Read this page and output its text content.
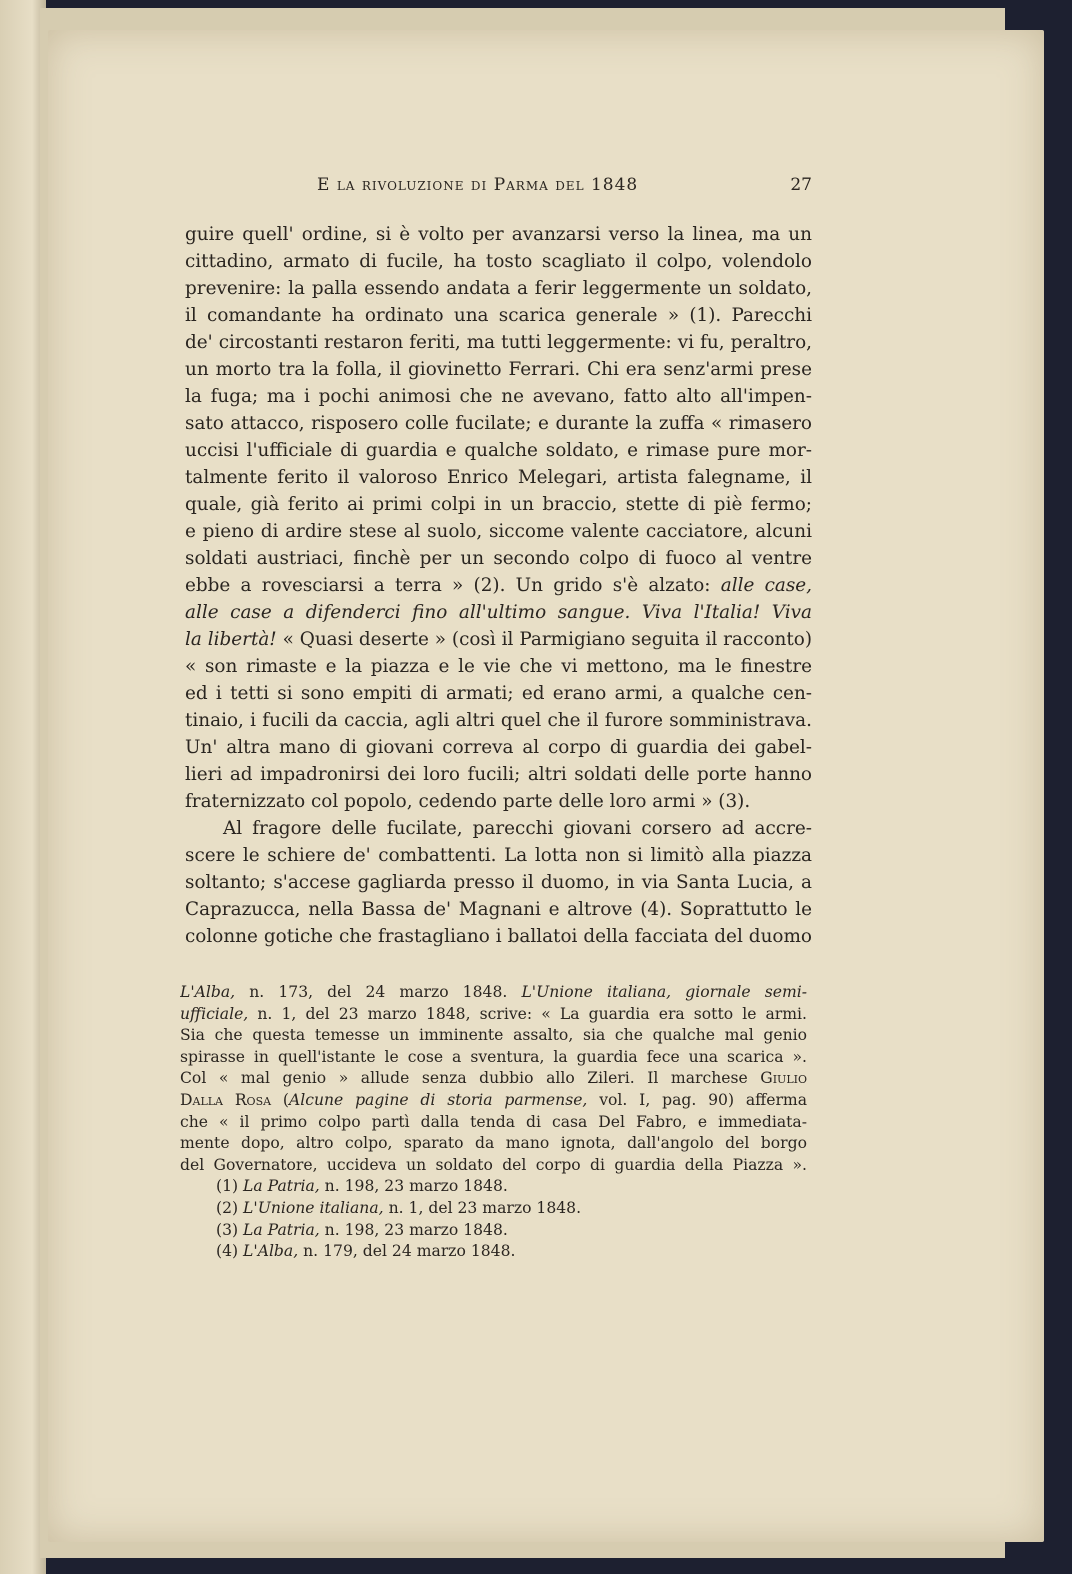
E la rivoluzione di Parma del 1848	27
guire quell' ordine, si è volto per avanzarsi verso la linea, ma un
cittadino, armato di fucile, ha tosto scagliato il colpo, volendolo
prevenire: la palla essendo andata a ferir leggermente un soldato,
il comandante ha ordinato una scarica generale » (1). Parecchi
de' circostanti restaron feriti, ma tutti leggermente: vi fu, peraltro,
un morto tra la folla, il giovinetto Ferrari. Chi era senz'armi prese
la fuga; ma i pochi animosi che ne avevano, fatto alto all'impen-
sato attacco, risposero colle fucilate; e durante la zuffa « rimasero
uccisi l'ufficiale di guardia e qualche soldato, e rimase pure mor-
talmente ferito il valoroso Enrico Melegari, artista falegname, il
quale, già ferito ai primi colpi in un braccio, stette di piè fermo;
e pieno di ardire stese al suolo, siccome valente cacciatore, alcuni
soldati austriaci, finchè per un secondo colpo di fuoco al ventre
ebbe a rovesciarsi a terra » (2). Un grido s'è alzato: alle case,
alle case a difenderci fino all'ultimo sangue. Viva l'Italia! Viva
la libertà! « Quasi deserte » (così il Parmigiano seguita il racconto)
« son rimaste e la piazza e le vie che vi mettono, ma le finestre
ed i tetti si sono empiti di armati; ed erano armi, a qualche cen-
tinaio, i fucili da caccia, agli altri quel che il furore somministrava.
Un' altra mano di giovani correva al corpo di guardia dei gabel-
lieri ad impadronirsi dei loro fucili; altri soldati delle porte hanno
fraternizzato col popolo, cedendo parte delle loro armi » (3).
Al fragore delle fucilate, parecchi giovani corsero ad accre-
scere le schiere de' combattenti. La lotta non si limitò alla piazza
soltanto; s'accese gagliarda presso il duomo, in via Santa Lucia, a
Caprazucca, nella Bassa de' Magnani e altrove (4). Soprattutto le
colonne gotiche che frastagliano i ballatoi della facciata del duomo
L'Alba, n. 173, del 24 marzo 1848. L'Unione italiana, giornale semi-
ufficiale, n. 1, del 23 marzo 1848, scrive: « La guardia era sotto le armi.
Sia che questa temesse un imminente assalto, sia che qualche mal genio
spirasse in quell'istante le cose a sventura, la guardia fece una scarica ».
Col « mal genio » allude senza dubbio allo Zileri. Il marchese Giulio
Dalla Rosa (Alcune pagine di storia parmense, vol. I, pag. 90) afferma
che « il primo colpo partì dalla tenda di casa Del Fabro, e immediata-
mente dopo, altro colpo, sparato da mano ignota, dall'angolo del borgo
del Governatore, uccideva un soldato del corpo di guardia della Piazza ».
(1) La Patria, n. 198, 23 marzo 1848.
(2) L'Unione italiana, n. 1, del 23 marzo 1848.
(3) La Patria, n. 198, 23 marzo 1848.
(4) L'Alba, n. 179, del 24 marzo 1848.
